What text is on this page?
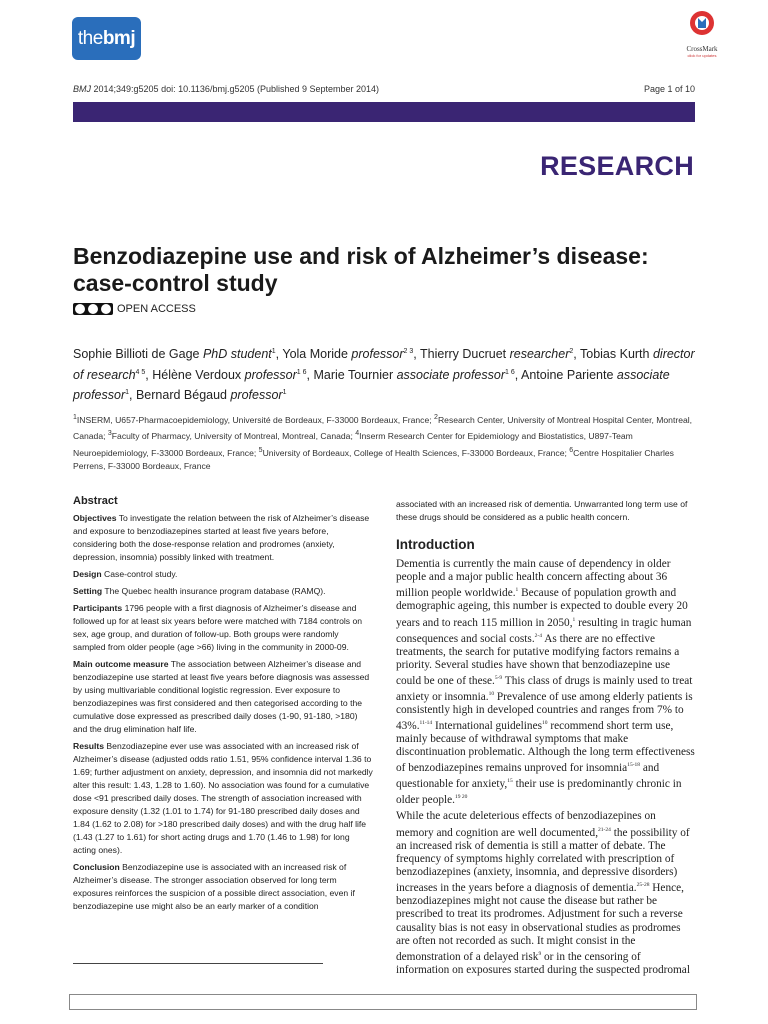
thebmj	CrossMark
click for updates
BMJ 2014;349:g5205 doi: 10.1136/bmj.g5205 (Published 9 September 2014)	Page 1 of 10
RESEARCH
Benzodiazepine use and risk of Alzheimer’s disease: case-control study
OPEN ACCESS
Sophie Billioti de Gage PhD student$^1$, Yola Moride professor$^{2 3}$, Thierry Ducruet researcher$^2$, Tobias Kurth director of research$^{4 5}$, Hélène Verdoux professor$^{1 6}$, Marie Tournier associate professor$^{1 6}$, Antoine Pariente associate professor$^1$, Bernard Bégaud professor$^1$
$^1$INSERM, U657-Pharmacoepidemiology, Université de Bordeaux, F-33000 Bordeaux, France; $^2$Research Center, University of Montreal Hospital Center, Montreal, Canada; $^3$Faculty of Pharmacy, University of Montreal, Montreal, Canada; $^4$Inserm Research Center for Epidemiology and Biostatistics, U897-Team Neuroepidemiology, F-33000 Bordeaux, France; $^5$University of Bordeaux, College of Health Sciences, F-33000 Bordeaux, France; $^6$Centre Hospitalier Charles Perrens, F-33000 Bordeaux, France
Abstract

Objectives To investigate the relation between the risk of Alzheimer’s disease and exposure to benzodiazepines started at least five years before, considering both the dose-response relation and prodromes (anxiety, depression, insomnia) possibly linked with treatment.

Design Case-control study.

Setting The Quebec health insurance program database (RAMQ).

Participants 1796 people with a first diagnosis of Alzheimer’s disease and followed up for at least six years before were matched with 7184 controls on sex, age group, and duration of follow-up. Both groups were randomly sampled from older people (age >66) living in the community in 2000-09.

Main outcome measure The association between Alzheimer’s disease and benzodiazepine use started at least five years before diagnosis was assessed by using multivariable conditional logistic regression. Ever exposure to benzodiazepines was first considered and then categorised according to the cumulative dose expressed as prescribed daily doses (1-90, 91-180, >180) and the drug elimination half life.

Results Benzodiazepine ever use was associated with an increased risk of Alzheimer’s disease (adjusted odds ratio 1.51, 95% confidence interval 1.36 to 1.69; further adjustment on anxiety, depression, and insomnia did not markedly alter this result: 1.43, 1.28 to 1.60). No association was found for a cumulative dose <91 prescribed daily doses. The strength of association increased with exposure density (1.32 (1.01 to 1.74) for 91-180 prescribed daily doses and 1.84 (1.62 to 2.08) for >180 prescribed daily doses) and with the drug half life (1.43 (1.27 to 1.61) for short acting drugs and 1.70 (1.46 to 1.98) for long acting ones).

Conclusion Benzodiazepine use is associated with an increased risk of Alzheimer’s disease. The stronger association observed for long term exposures reinforces the suspicion of a possible direct association, even if benzodiazepine use might also be an early marker of a condition

associated with an increased risk of dementia. Unwarranted long term use of these drugs should be considered as a public health concern.

Introduction

Dementia is currently the main cause of dependency in older people and a major public health concern affecting about 36 million people worldwide.$^1$ Because of population growth and demographic ageing, this number is expected to double every 20 years and to reach 115 million in 2050,$^1$ resulting in tragic human consequences and social costs.$^{2-4}$ As there are no effective treatments, the search for putative modifying factors remains a priority. Several studies have shown that benzodiazepine use could be one of these.$^{5-9}$ This class of drugs is mainly used to treat anxiety or insomnia.$^{10}$ Prevalence of use among elderly patients is consistently high in developed countries and ranges from 7% to 43%.$^{11-14}$ International guidelines$^{10}$ recommend short term use, mainly because of withdrawal symptoms that make discontinuation problematic. Although the long term effectiveness of benzodiazepines remains unproved for insomnia$^{15-18}$ and questionable for anxiety,$^{15}$ their use is predominantly chronic in older people.$^{19 20}$

While the acute deleterious effects of benzodiazepines on memory and cognition are well documented,$^{21-24}$ the possibility of an increased risk of dementia is still a matter of debate. The frequency of symptoms highly correlated with prescription of benzodiazepines (anxiety, insomnia, and depressive disorders) increases in the years before a diagnosis of dementia.$^{25-28}$ Hence, benzodiazepines might not cause the disease but rather be prescribed to treat its prodromes. Adjustment for such a reverse causality bias is not easy in observational studies as prodromes are often not recorded as such. It might consist in the demonstration of a delayed risk$^9$ or in the censoring of information on exposures started during the suspected prodromal
